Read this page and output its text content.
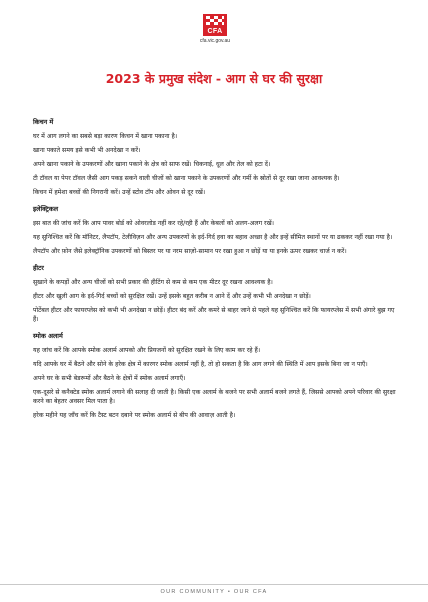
CFA
cfa.vic.gov.au
2023 के प्रमुख संदेश - आग से घर की सुरक्षा
किचन में

घर में आग लगने का सबसे बड़ा कारण किचन में खाना पकाना है।

खाना पकाते समय इसे कभी भी अनदेखा न करें।

अपने खाना पकाने के उपकरणों और खाना पकाने के क्षेत्र को साफ रखें। चिकनाई, धूल और तेल को हटा दें।

टी टॉवल या पेपर टॉवल जैसी आग पकड़ सकने वाली चीजों को खाना पकाने के उपकरणों और गर्मी के स्रोतों से दूर रखा जाना आवश्यक है।

किचन में हमेशा बच्चों की निगरानी करें। उन्हें स्टोव टॉप और ओवन से दूर रखें।

इलेक्ट्रिकल

इस बात की जांच करें कि आप पावर बोर्ड को ओवरलोड नहीं कर रहे/रही हैं और केबलों को अलग-अलग रखें।

यह सुनिश्चित करें कि मॉनिटर, लैपटॉप, टेलीविज़न और अन्य उपकरणों के इर्द-गिर्द हवा का बहाव अच्छा है और इन्हें सीमित स्थानों पर या ढककर नहीं रखा गया है।

लैपटॉप और फ़ोन जैसे इलेक्ट्रॉनिक उपकरणों को बिस्तर पर या नरम साज़ो-सामान पर रखा हुआ न छोड़ें या या इनके ऊपर रखकर चार्ज न करें।

हीटर

सुखाने के कपड़ों और अन्य चीजों को सभी प्रकार की हीटिंग से कम से कम एक मीटर दूर रखना आवश्यक है।

हीटर और खुली आग के इर्द-गिर्द बच्चों को सुरक्षित रखें। उन्हें इसके बहुत करीब न आने दें और उन्हें कभी भी अनदेखा न छोड़ें।

पोर्टेबल हीटर और फायरप्लेस को कभी भी अनदेखा न छोड़ें। हीटर बंद करें और कमरे से बाहर जाने से पहले यह सुनिश्चित करें कि फायरप्लेस में सभी अंगारे बुझ गए हैं।

स्मोक अलार्म

यह जांच करें कि आपके स्मोक अलार्म आपको और प्रियजनों को सुरक्षित रखने के लिए काम कर रहे हैं।

यदि आपके घर में बैठने और सोने के हरेक क्षेत्र में कारगर स्मोक अलार्म नहीं है, तो हो सकता है कि आग लगने की स्थिति में आप इसके बिना जा न पाएँ।

अपने घर के सभी बेडरूमों और बैठने के क्षेत्रों में स्मोक अलार्म लगाएँ।

एक-दूसरे से कनैक्टेड स्मोक अलार्म लगाने की सलाह दी जाती है। किसी एक अलार्म के बजने पर सभी अलार्म बजने लगते हैं, जिससे आपको अपने परिवार की सुरक्षा करने का बेहतर अवसर मिल पाता है।

हरेक महीने यह जाँच करें कि टैस्ट बटन दबाने पर स्मोक अलार्म से बीप की आवाज़ आती है।

OUR COMMUNITY • OUR CFA
